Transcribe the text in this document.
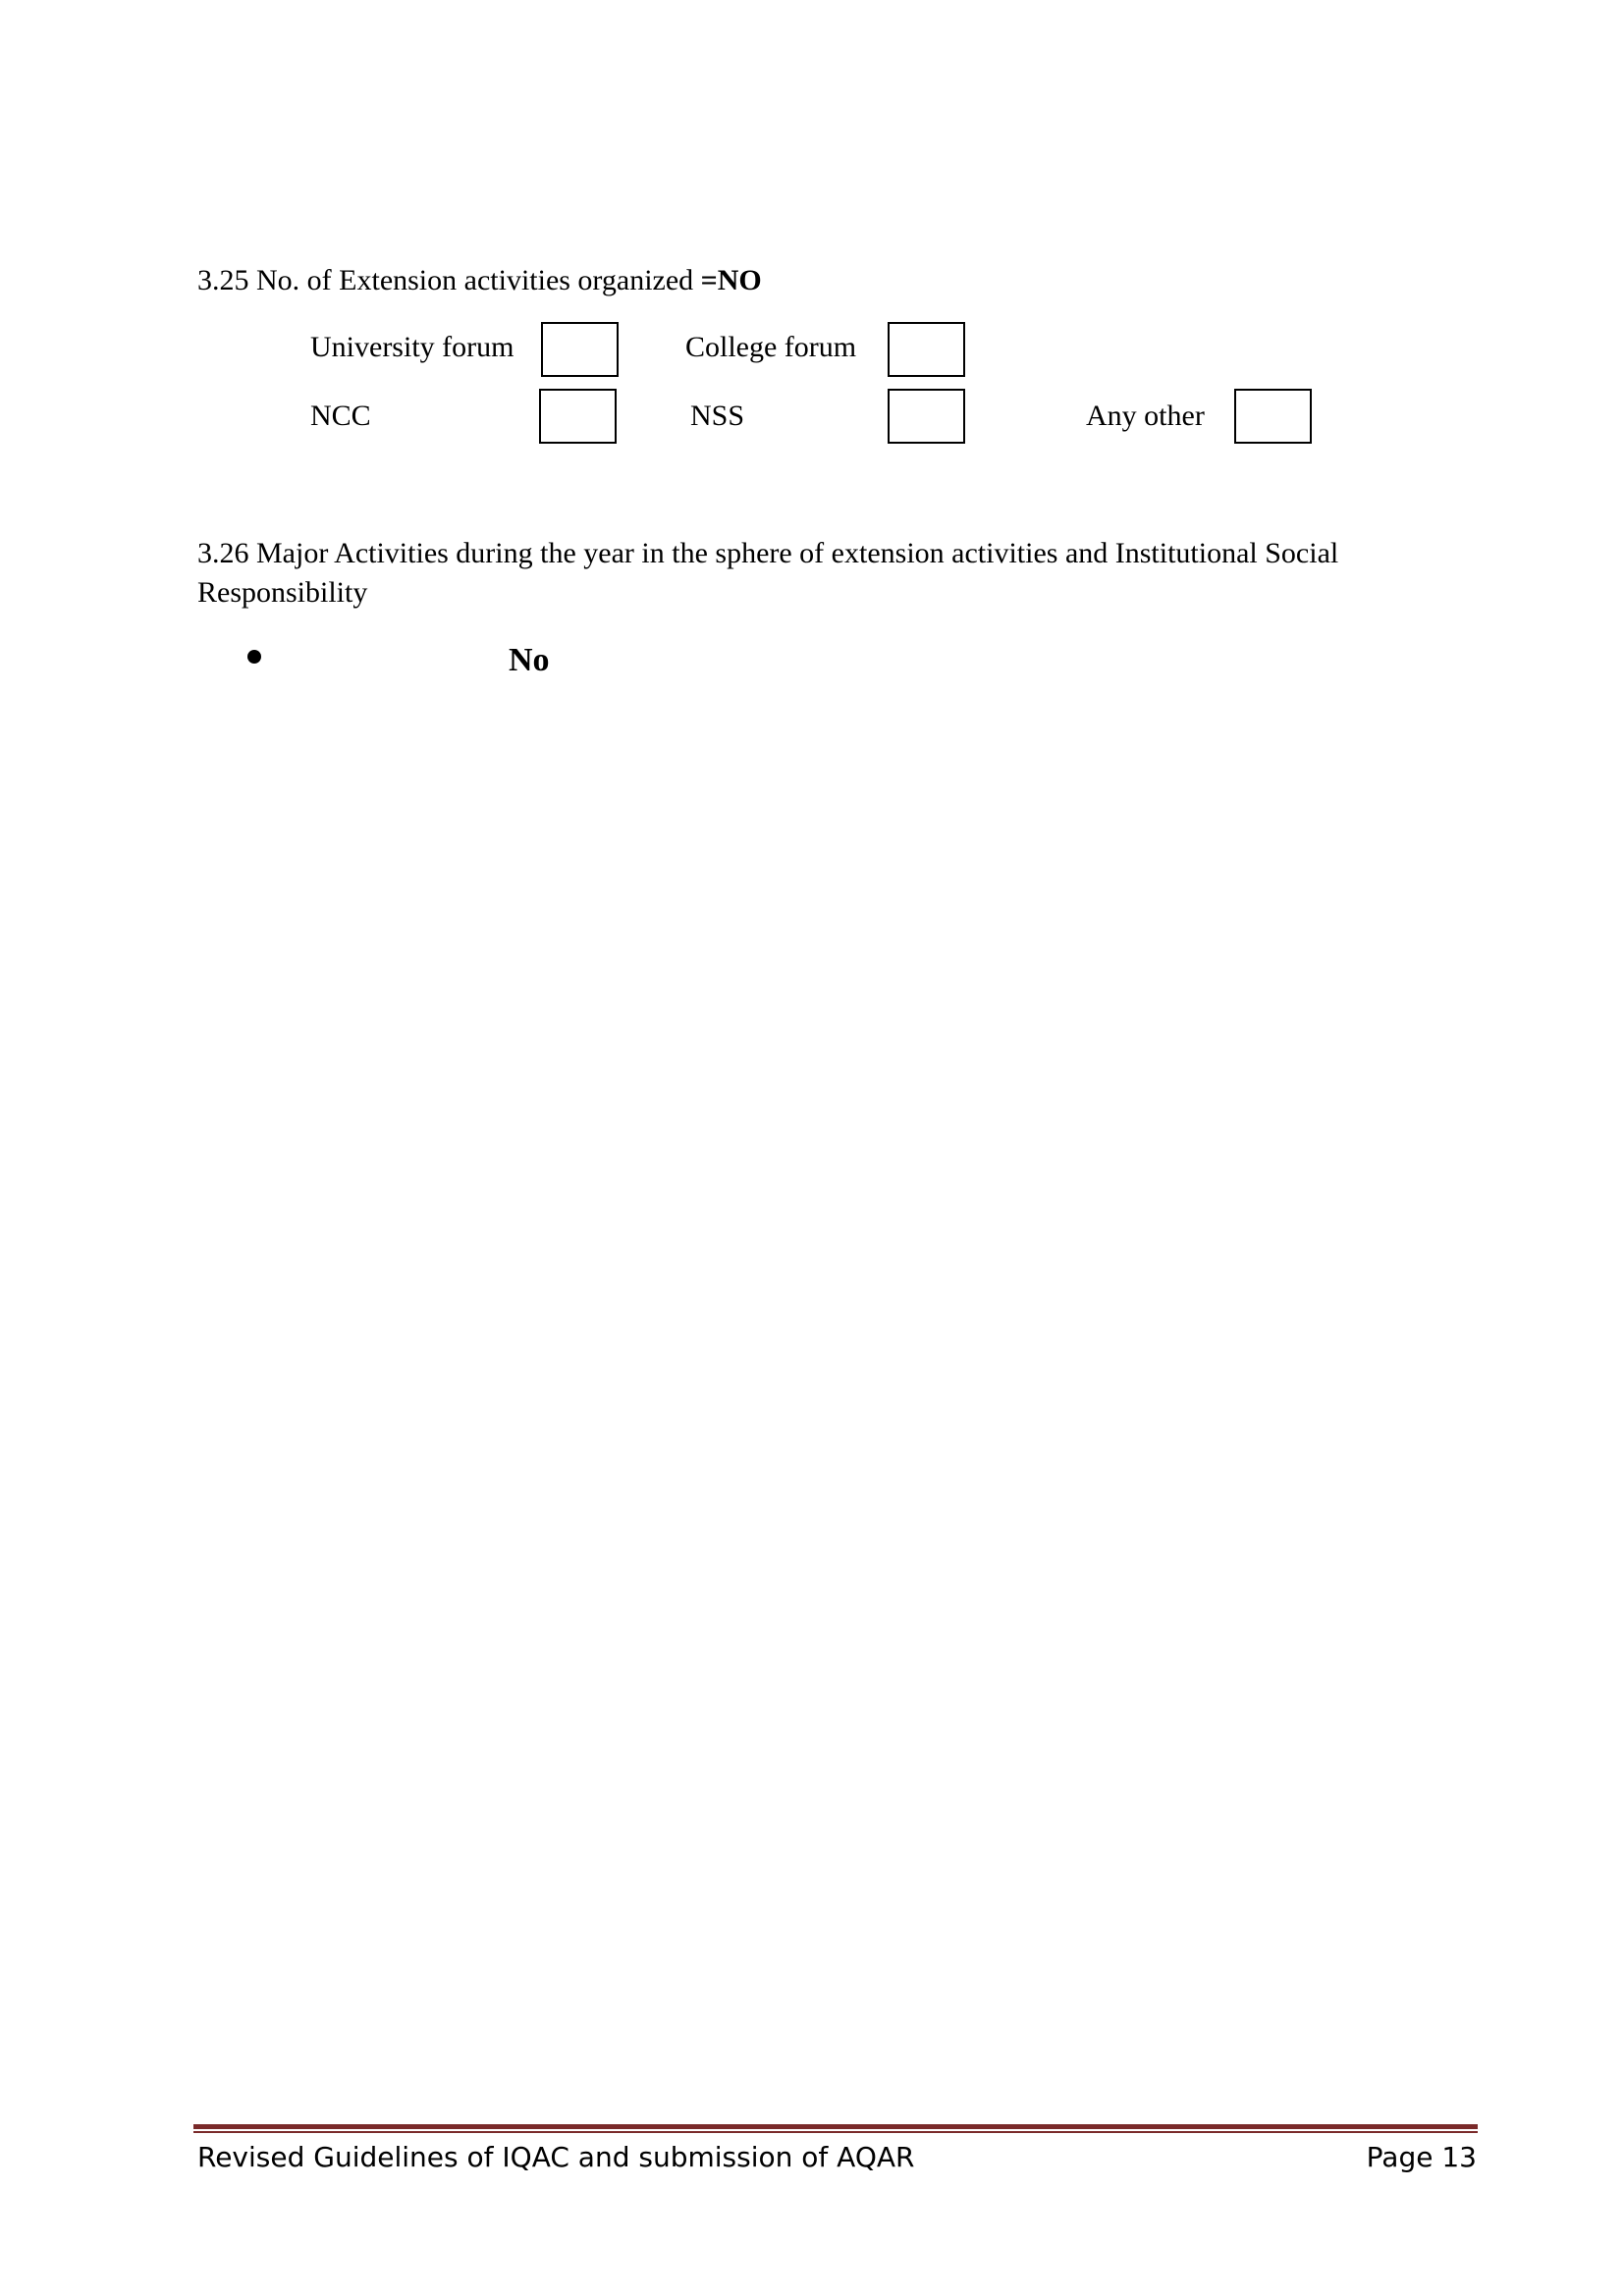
3.25 No. of Extension activities organized =NO
University forum	College forum
NCC	NSS	Any other
3.26 Major Activities during the year in the sphere of extension activities and Institutional Social Responsibility
No
Revised Guidelines of IQAC and submission of AQAR	Page 13
